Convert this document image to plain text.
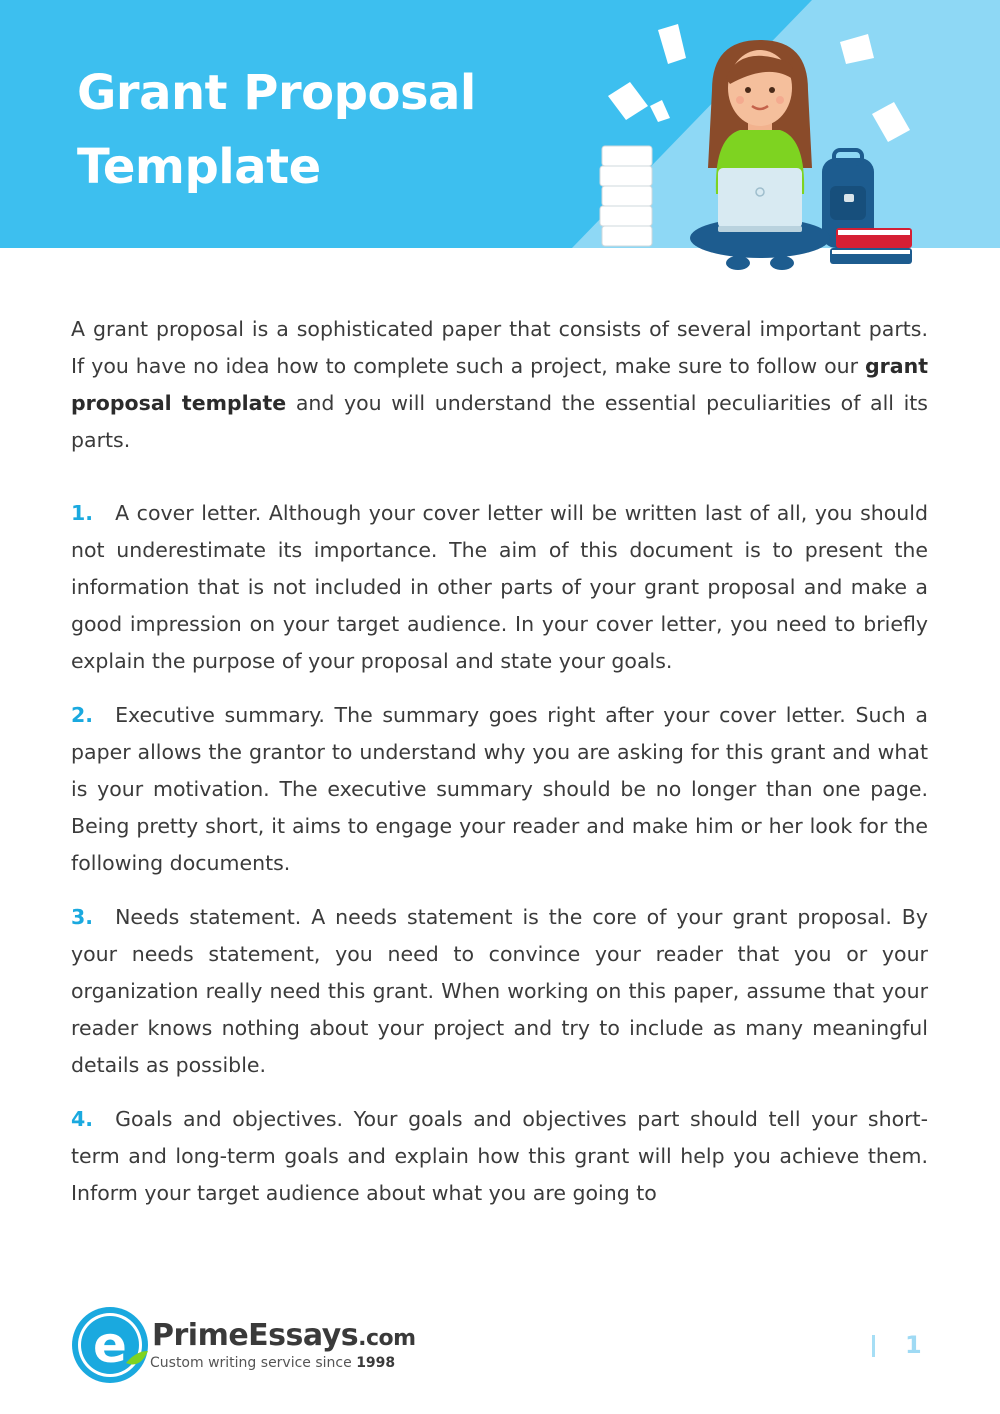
Grant Proposal Template

A grant proposal is a sophisticated paper that consists of several important parts. If you have no idea how to complete such a project, make sure to follow our grant proposal template and you will understand the essential peculiarities of all its parts.

1. A cover letter. Although your cover letter will be written last of all, you should not underestimate its importance. The aim of this document is to present the information that is not included in other parts of your grant proposal and make a good impression on your target audience. In your cover letter, you need to briefly explain the purpose of your proposal and state your goals.

2. Executive summary. The summary goes right after your cover letter. Such a paper allows the grantor to understand why you are asking for this grant and what is your motivation. The executive summary should be no longer than one page. Being pretty short, it aims to engage your reader and make him or her look for the following documents.

3. Needs statement. A needs statement is the core of your grant proposal. By your needs statement, you need to convince your reader that you or your organization really need this grant. When working on this paper, assume that your reader knows nothing about your project and try to include as many meaningful details as possible.

4. Goals and objectives. Your goals and objectives part should tell your short-term and long-term goals and explain how this grant will help you achieve them. Inform your target audience about what you are going to

e PrimeEssays.com
Custom writing service since 1998
1
